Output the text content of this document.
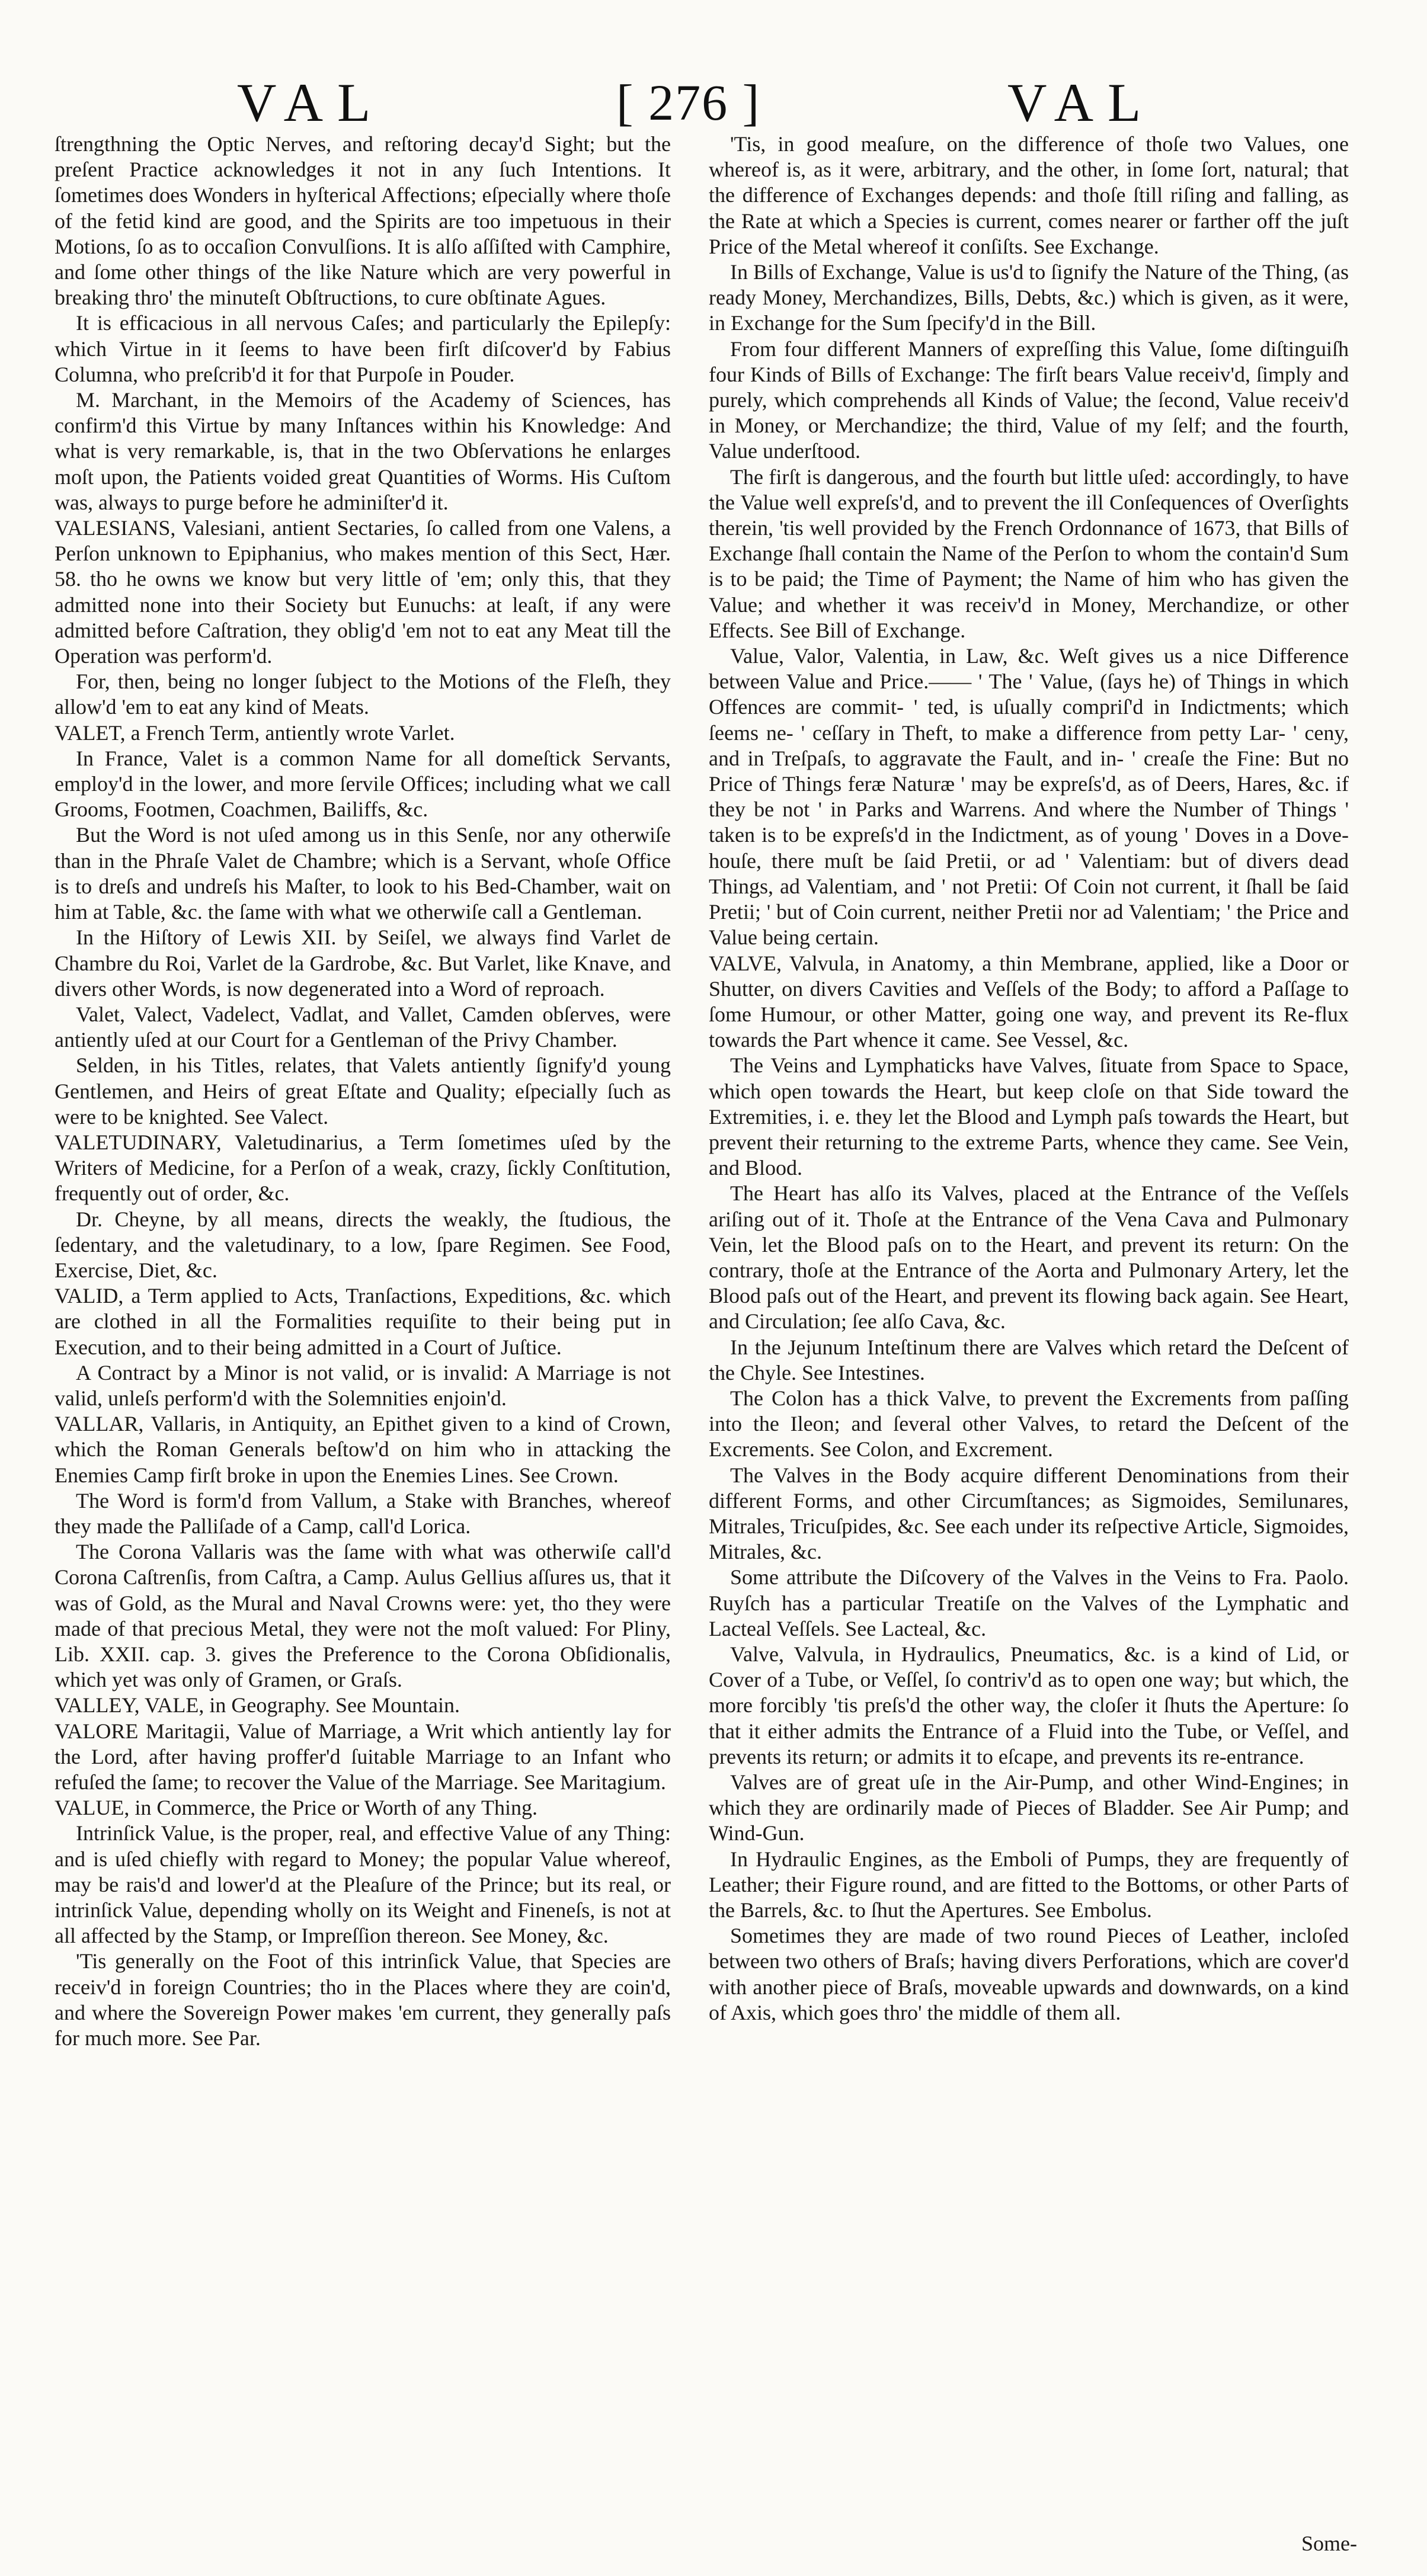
VAL	[ 276 ]	VAL

ſtrengthning the Optic Nerves, and reſtoring decay'd Sight; but the preſent Practice acknowledges it not in any ſuch Intentions. It ſometimes does Wonders in hyſterical Affections; eſpecially where thoſe of the fetid kind are good, and the Spirits are too impetuous in their Motions, ſo as to occaſion Convulſions. It is alſo aſſiſted with Camphire, and ſome other things of the like Nature which are very powerful in breaking thro' the minuteſt Obſtructions, to cure obſtinate Agues.

It is efficacious in all nervous Caſes; and particularly the Epilepſy: which Virtue in it ſeems to have been firſt diſcover'd by Fabius Columna, who preſcrib'd it for that Purpoſe in Pouder.

M. Marchant, in the Memoirs of the Academy of Sciences, has confirm'd this Virtue by many Inſtances within his Knowledge: And what is very remarkable, is, that in the two Obſervations he enlarges moſt upon, the Patients voided great Quantities of Worms. His Cuſtom was, always to purge before he adminiſter'd it.

VALESIANS, Valesiani, antient Sectaries, ſo called from one Valens, a Perſon unknown to Epiphanius, who makes mention of this Sect, Hær. 58. tho he owns we know but very little of 'em; only this, that they admitted none into their Society but Eunuchs: at leaſt, if any were admitted before Caſtration, they oblig'd 'em not to eat any Meat till the Operation was perform'd.

For, then, being no longer ſubject to the Motions of the Fleſh, they allow'd 'em to eat any kind of Meats.

VALET, a French Term, antiently wrote Varlet.

In France, Valet is a common Name for all domeſtick Servants, employ'd in the lower, and more ſervile Offices; including what we call Grooms, Footmen, Coachmen, Bailiffs, &c.

But the Word is not uſed among us in this Senſe, nor any otherwiſe than in the Phraſe Valet de Chambre; which is a Servant, whoſe Office is to dreſs and undreſs his Maſter, to look to his Bed-Chamber, wait on him at Table, &c. the ſame with what we otherwiſe call a Gentleman.

In the Hiſtory of Lewis XII. by Seiſel, we always find Varlet de Chambre du Roi, Varlet de la Gardrobe, &c. But Varlet, like Knave, and divers other Words, is now degenerated into a Word of reproach.

Valet, Valect, Vadelect, Vadlat, and Vallet, Camden obſerves, were antiently uſed at our Court for a Gentleman of the Privy Chamber.

Selden, in his Titles, relates, that Valets antiently ſignify'd young Gentlemen, and Heirs of great Eſtate and Quality; eſpecially ſuch as were to be knighted. See Valect.

VALETUDINARY, Valetudinarius, a Term ſometimes uſed by the Writers of Medicine, for a Perſon of a weak, crazy, ſickly Conſtitution, frequently out of order, &c.

Dr. Cheyne, by all means, directs the weakly, the ſtudious, the ſedentary, and the valetudinary, to a low, ſpare Regimen. See Food, Exercise, Diet, &c.

VALID, a Term applied to Acts, Tranſactions, Expeditions, &c. which are clothed in all the Formalities requiſite to their being put in Execution, and to their being admitted in a Court of Juſtice.

A Contract by a Minor is not valid, or is invalid: A Marriage is not valid, unleſs perform'd with the Solemnities enjoin'd.

VALLAR, Vallaris, in Antiquity, an Epithet given to a kind of Crown, which the Roman Generals beſtow'd on him who in attacking the Enemies Camp firſt broke in upon the Enemies Lines. See Crown.

The Word is form'd from Vallum, a Stake with Branches, whereof they made the Palliſade of a Camp, call'd Lorica.

The Corona Vallaris was the ſame with what was otherwiſe call'd Corona Caſtrenſis, from Caſtra, a Camp. Aulus Gellius aſſures us, that it was of Gold, as the Mural and Naval Crowns were: yet, tho they were made of that precious Metal, they were not the moſt valued: For Pliny, Lib. XXII. cap. 3. gives the Preference to the Corona Obſidionalis, which yet was only of Gramen, or Graſs.

VALLEY, VALE, in Geography. See Mountain.

VALORE Maritagii, Value of Marriage, a Writ which antiently lay for the Lord, after having proffer'd ſuitable Marriage to an Infant who refuſed the ſame; to recover the Value of the Marriage. See Maritagium.

VALUE, in Commerce, the Price or Worth of any Thing.

Intrinſick Value, is the proper, real, and effective Value of any Thing: and is uſed chiefly with regard to Money; the popular Value whereof, may be rais'd and lower'd at the Pleaſure of the Prince; but its real, or intrinſick Value, depending wholly on its Weight and Fineneſs, is not at all affected by the Stamp, or Impreſſion thereon. See Money, &c.

'Tis generally on the Foot of this intrinſick Value, that Species are receiv'd in foreign Countries; tho in the Places where they are coin'd, and where the Sovereign Power makes 'em current, they generally paſs for much more. See Par.

'Tis, in good meaſure, on the difference of thoſe two Values, one whereof is, as it were, arbitrary, and the other, in ſome ſort, natural; that the difference of Exchanges depends: and thoſe ſtill riſing and falling, as the Rate at which a Species is current, comes nearer or farther off the juſt Price of the Metal whereof it conſiſts. See Exchange.

In Bills of Exchange, Value is us'd to ſignify the Nature of the Thing, (as ready Money, Merchandizes, Bills, Debts, &c.) which is given, as it were, in Exchange for the Sum ſpecify'd in the Bill.

From four different Manners of expreſſing this Value, ſome diſtinguiſh four Kinds of Bills of Exchange: The firſt bears Value receiv'd, ſimply and purely, which comprehends all Kinds of Value; the ſecond, Value receiv'd in Money, or Merchandize; the third, Value of my ſelf; and the fourth, Value underſtood.

The firſt is dangerous, and the fourth but little uſed: accordingly, to have the Value well expreſs'd, and to prevent the ill Conſequences of Overſights therein, 'tis well provided by the French Ordonnance of 1673, that Bills of Exchange ſhall contain the Name of the Perſon to whom the contain'd Sum is to be paid; the Time of Payment; the Name of him who has given the Value; and whether it was receiv'd in Money, Merchandize, or other Effects. See Bill of Exchange.

Value, Valor, Valentia, in Law, &c. Weſt gives us a nice Difference between Value and Price.—— ' The ' Value, (ſays he) of Things in which Offences are commit- ' ted, is uſually compriſ'd in Indictments; which ſeems ne- ' ceſſary in Theft, to make a difference from petty Lar- ' ceny, and in Treſpaſs, to aggravate the Fault, and in- ' creaſe the Fine: But no Price of Things feræ Naturæ ' may be expreſs'd, as of Deers, Hares, &c. if they be not ' in Parks and Warrens. And where the Number of Things ' taken is to be expreſs'd in the Indictment, as of young ' Doves in a Dove-houſe, there muſt be ſaid Pretii, or ad ' Valentiam: but of divers dead Things, ad Valentiam, and ' not Pretii: Of Coin not current, it ſhall be ſaid Pretii; ' but of Coin current, neither Pretii nor ad Valentiam; ' the Price and Value being certain.

VALVE, Valvula, in Anatomy, a thin Membrane, applied, like a Door or Shutter, on divers Cavities and Veſſels of the Body; to afford a Paſſage to ſome Humour, or other Matter, going one way, and prevent its Re-flux towards the Part whence it came. See Vessel, &c.

The Veins and Lymphaticks have Valves, ſituate from Space to Space, which open towards the Heart, but keep cloſe on that Side toward the Extremities, i. e. they let the Blood and Lymph paſs towards the Heart, but prevent their returning to the extreme Parts, whence they came. See Vein, and Blood.

The Heart has alſo its Valves, placed at the Entrance of the Veſſels ariſing out of it. Thoſe at the Entrance of the Vena Cava and Pulmonary Vein, let the Blood paſs on to the Heart, and prevent its return: On the contrary, thoſe at the Entrance of the Aorta and Pulmonary Artery, let the Blood paſs out of the Heart, and prevent its flowing back again. See Heart, and Circulation; ſee alſo Cava, &c.

In the Jejunum Inteſtinum there are Valves which retard the Deſcent of the Chyle. See Intestines.

The Colon has a thick Valve, to prevent the Excrements from paſſing into the Ileon; and ſeveral other Valves, to retard the Deſcent of the Excrements. See Colon, and Excrement.

The Valves in the Body acquire different Denominations from their different Forms, and other Circumſtances; as Sigmoides, Semilunares, Mitrales, Tricuſpides, &c. See each under its reſpective Article, Sigmoides, Mitrales, &c.

Some attribute the Diſcovery of the Valves in the Veins to Fra. Paolo. Ruyſch has a particular Treatiſe on the Valves of the Lymphatic and Lacteal Veſſels. See Lacteal, &c.

Valve, Valvula, in Hydraulics, Pneumatics, &c. is a kind of Lid, or Cover of a Tube, or Veſſel, ſo contriv'd as to open one way; but which, the more forcibly 'tis preſs'd the other way, the cloſer it ſhuts the Aperture: ſo that it either admits the Entrance of a Fluid into the Tube, or Veſſel, and prevents its return; or admits it to eſcape, and prevents its re-entrance.

Valves are of great uſe in the Air-Pump, and other Wind-Engines; in which they are ordinarily made of Pieces of Bladder. See Air Pump; and Wind-Gun.

In Hydraulic Engines, as the Emboli of Pumps, they are frequently of Leather; their Figure round, and are fitted to the Bottoms, or other Parts of the Barrels, &c. to ſhut the Apertures. See Embolus.

Sometimes they are made of two round Pieces of Leather, incloſed between two others of Braſs; having divers Perforations, which are cover'd with another piece of Braſs, moveable upwards and downwards, on a kind of Axis, which goes thro' the middle of them all.

Some-
